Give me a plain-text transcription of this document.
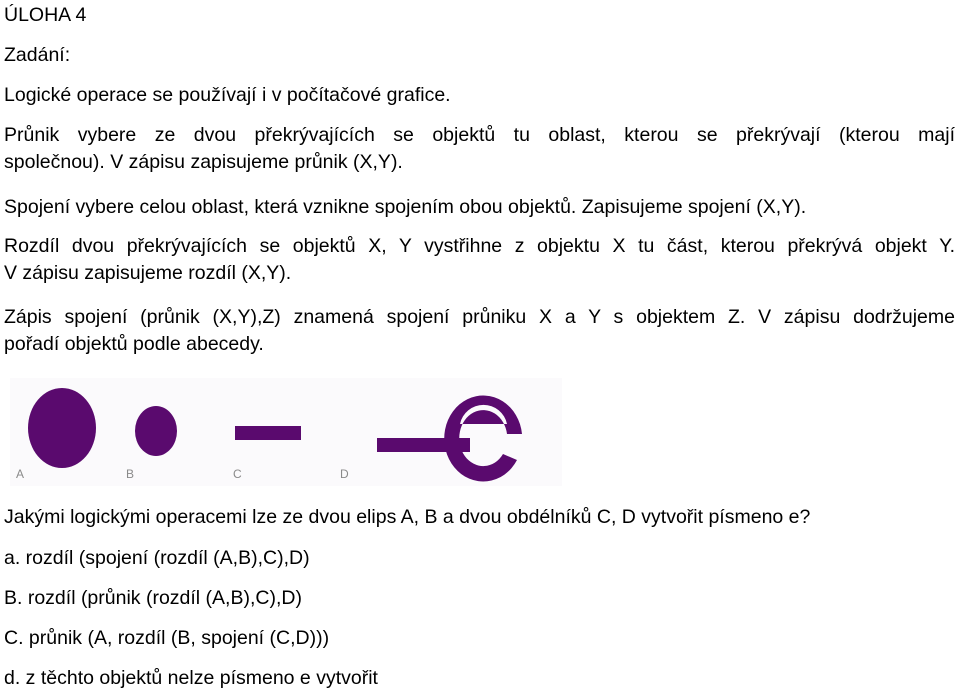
ÚLOHA 4
Zadání:
Logické operace se používají i v počítačové grafice.
Průnik vybere ze dvou překrývajících se objektů tu oblast, kterou se překrývají (kterou mají
společnou). V zápisu zapisujeme průnik (X,Y).
Spojení vybere celou oblast, která vznikne spojením obou objektů. Zapisujeme spojení (X,Y).
Rozdíl dvou překrývajících se objektů X, Y vystřihne z objektu X tu část, kterou překrývá objekt Y.
V zápisu zapisujeme rozdíl (X,Y).
Zápis spojení (průnik (X,Y),Z) znamená spojení průniku X a Y s objektem Z. V zápisu dodržujeme
pořadí objektů podle abecedy.
A	B	C	D
Jakými logickými operacemi lze ze dvou elips A, B a dvou obdélníků C, D vytvořit písmeno e?
a. rozdíl (spojení (rozdíl (A,B),C),D)
B. rozdíl (průnik (rozdíl (A,B),C),D)
C. průnik (A, rozdíl (B, spojení (C,D)))
d. z těchto objektů nelze písmeno e vytvořit
